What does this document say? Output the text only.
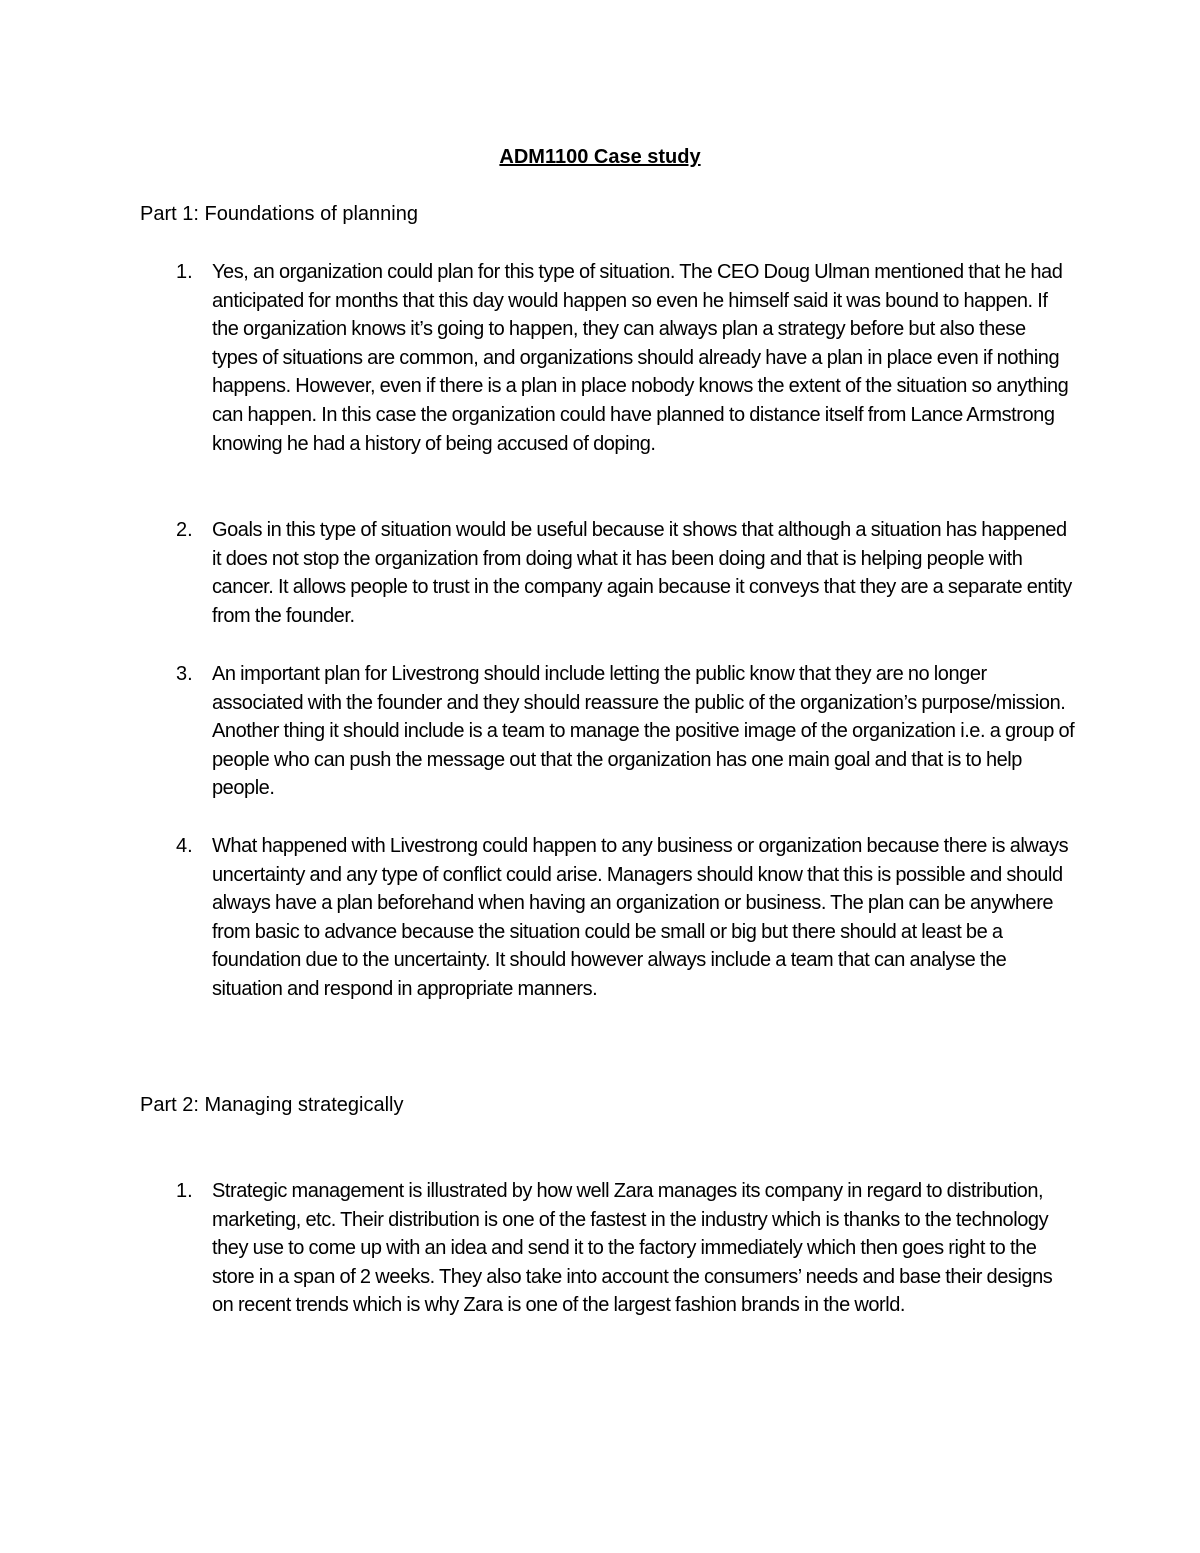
ADM1100 Case study
Part 1: Foundations of planning
1. Yes, an organization could plan for this type of situation. The CEO Doug Ulman mentioned that he had anticipated for months that this day would happen so even he himself said it was bound to happen. If the organization knows it’s going to happen, they can always plan a strategy before but also these types of situations are common, and organizations should already have a plan in place even if nothing happens. However, even if there is a plan in place nobody knows the extent of the situation so anything can happen. In this case the organization could have planned to distance itself from Lance Armstrong knowing he had a history of being accused of doping.
2. Goals in this type of situation would be useful because it shows that although a situation has happened it does not stop the organization from doing what it has been doing and that is helping people with cancer. It allows people to trust in the company again because it conveys that they are a separate entity from the founder.
3. An important plan for Livestrong should include letting the public know that they are no longer associated with the founder and they should reassure the public of the organization’s purpose/mission. Another thing it should include is a team to manage the positive image of the organization i.e. a group of people who can push the message out that the organization has one main goal and that is to help people.
4. What happened with Livestrong could happen to any business or organization because there is always uncertainty and any type of conflict could arise. Managers should know that this is possible and should always have a plan beforehand when having an organization or business. The plan can be anywhere from basic to advance because the situation could be small or big but there should at least be a foundation due to the uncertainty. It should however always include a team that can analyse the situation and respond in appropriate manners.
Part 2: Managing strategically
1. Strategic management is illustrated by how well Zara manages its company in regard to distribution, marketing, etc. Their distribution is one of the fastest in the industry which is thanks to the technology they use to come up with an idea and send it to the factory immediately which then goes right to the store in a span of 2 weeks. They also take into account the consumers’ needs and base their designs on recent trends which is why Zara is one of the largest fashion brands in the world.
